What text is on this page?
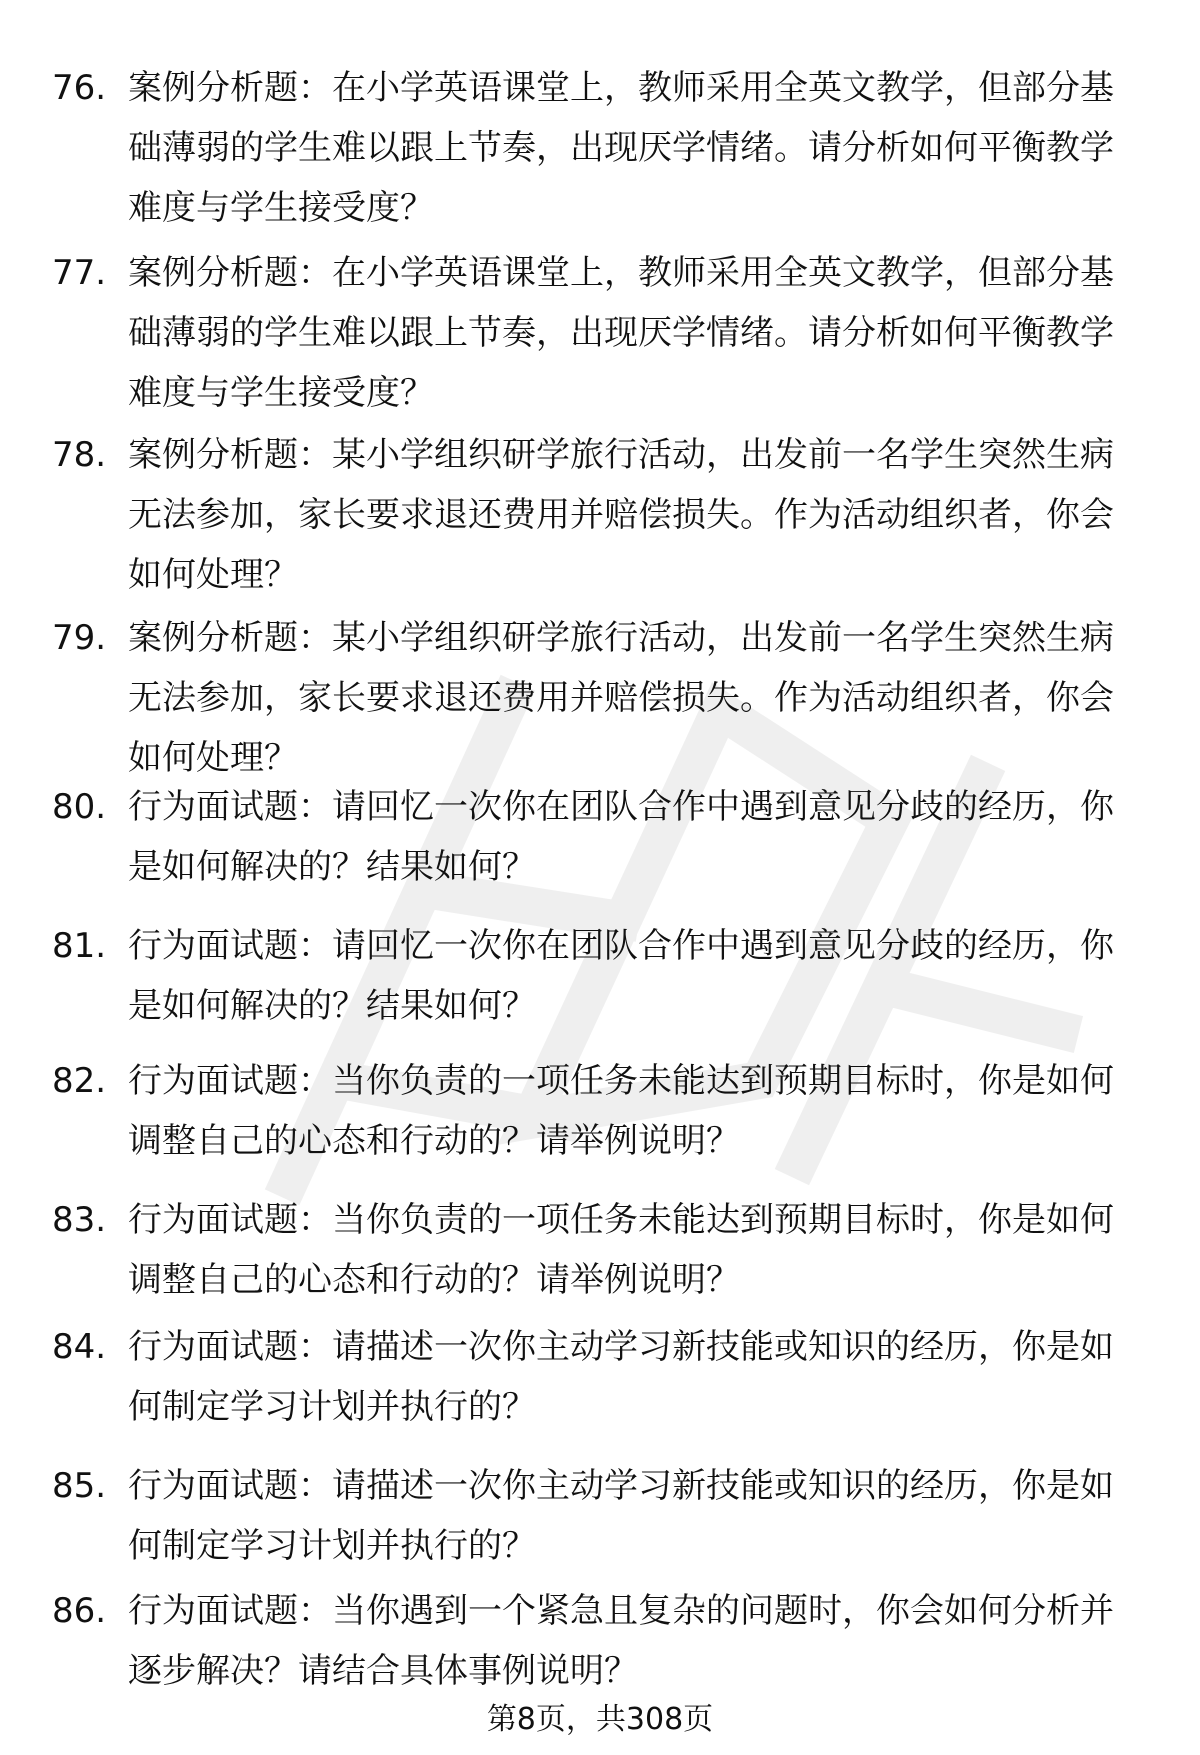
76. 案例分析题：在小学英语课堂上，教师采用全英文教学，但部分基础薄弱的学生难以跟上节奏，出现厌学情绪。请分析如何平衡教学难度与学生接受度？
77. 案例分析题：在小学英语课堂上，教师采用全英文教学，但部分基础薄弱的学生难以跟上节奏，出现厌学情绪。请分析如何平衡教学难度与学生接受度？
78. 案例分析题：某小学组织研学旅行活动，出发前一名学生突然生病无法参加，家长要求退还费用并赔偿损失。作为活动组织者，你会如何处理？
79. 案例分析题：某小学组织研学旅行活动，出发前一名学生突然生病无法参加，家长要求退还费用并赔偿损失。作为活动组织者，你会如何处理？
80. 行为面试题：请回忆一次你在团队合作中遇到意见分歧的经历，你是如何解决的？结果如何？
81. 行为面试题：请回忆一次你在团队合作中遇到意见分歧的经历，你是如何解决的？结果如何？
82. 行为面试题：当你负责的一项任务未能达到预期目标时，你是如何调整自己的心态和行动的？请举例说明？
83. 行为面试题：当你负责的一项任务未能达到预期目标时，你是如何调整自己的心态和行动的？请举例说明？
84. 行为面试题：请描述一次你主动学习新技能或知识的经历，你是如何制定学习计划并执行的？
85. 行为面试题：请描述一次你主动学习新技能或知识的经历，你是如何制定学习计划并执行的？
86. 行为面试题：当你遇到一个紧急且复杂的问题时，你会如何分析并逐步解决？请结合具体事例说明？
第8页，共308页
